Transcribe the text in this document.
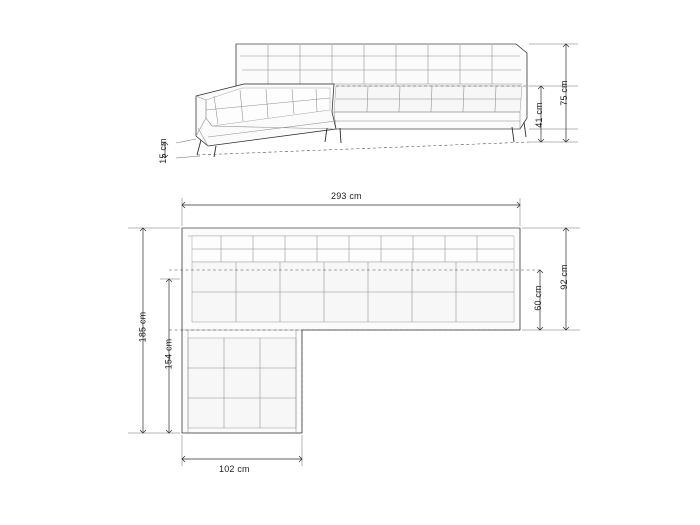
75 cm
41 cm
15 cm
293 cm
185 cm
154 cm
92 cm
60 cm
102 cm
